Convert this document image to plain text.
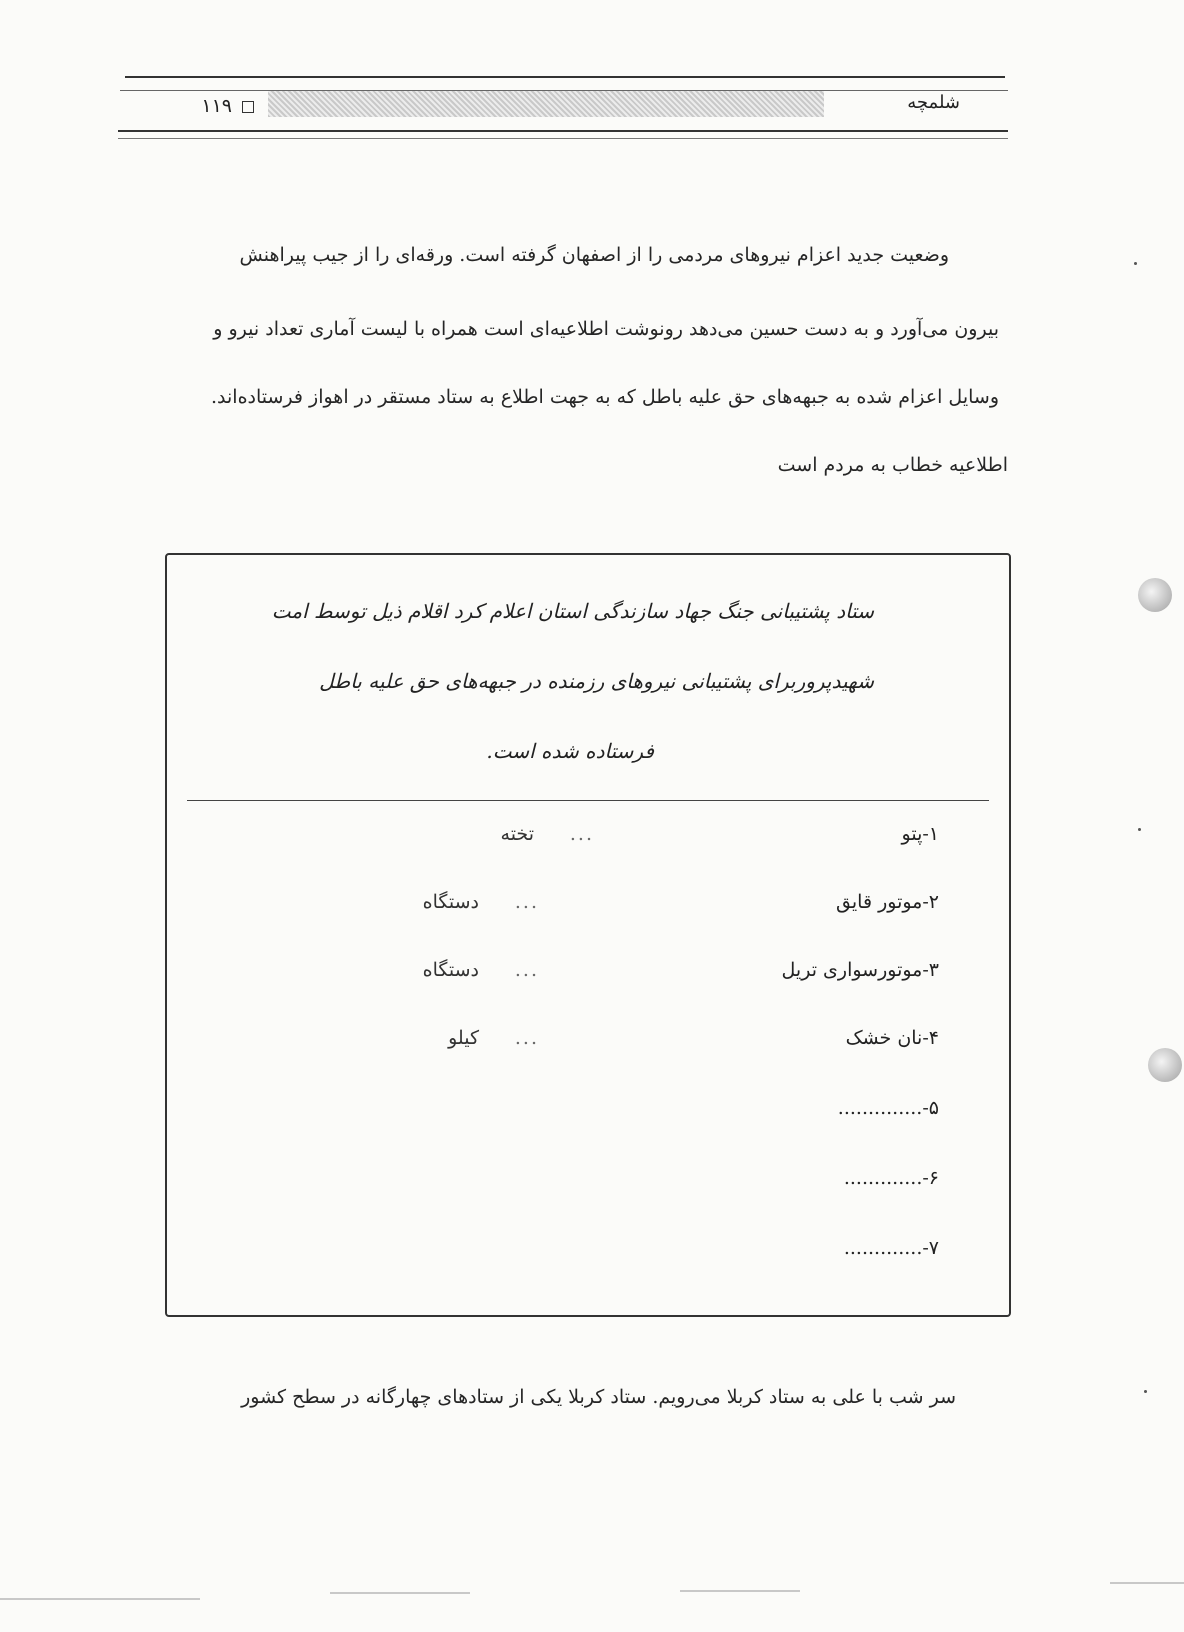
۱۱۹	شلمچه
وضعیت جدید اعزام نیروهای مردمی را از اصفهان گرفته است. ورقه‌ای را از جیب پیراهنش
بیرون می‌آورد و به دست حسین می‌دهد رونوشت اطلاعیه‌ای است همراه با لیست آماری تعداد نیرو و
وسایل اعزام شده به جبهه‌های حق علیه باطل که به جهت اطلاع به ستاد مستقر در اهواز فرستاده‌اند.
اطلاعیه خطاب به مردم است
ستاد پشتیبانی جنگ جهاد سازندگی استان اعلام کرد اقلام ذیل توسط امت
شهیدپروربرای پشتیبانی نیروهای رزمنده در جبهه‌های حق علیه باطل
فرستاده شده است.
۱-پتو
...
تخته
۲-موتور قایق
...
دستگاه
۳-موتورسواری تریل
...
دستگاه
۴-نان خشک
...
کیلو
۵-..............
۶-.............
۷-.............
سر شب با علی به ستاد کربلا می‌رویم. ستاد کربلا یکی از ستادهای چهارگانه در سطح کشور
